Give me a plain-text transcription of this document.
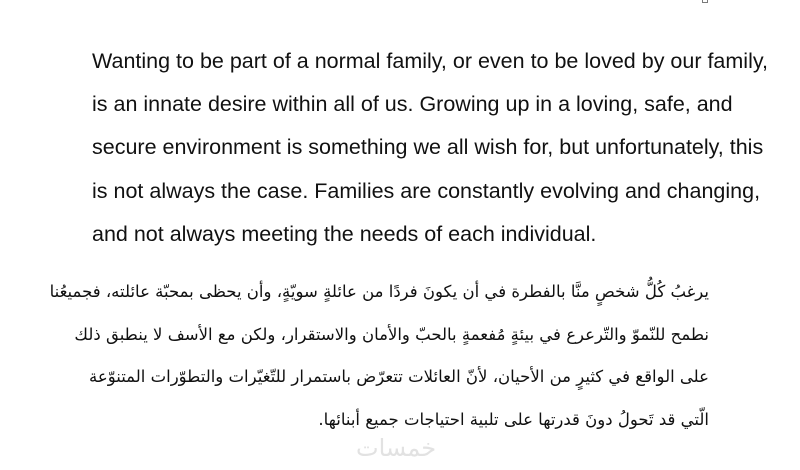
Wanting to be part of a normal family, or even to be loved by our family,
is an innate desire within all of us. Growing up in a loving, safe, and
secure environment is something we all wish for, but unfortunately, this
is not always the case. Families are constantly evolving and changing,
and not always meeting the needs of each individual.

يرغبُ كُلُّ شخصٍ منَّا بالفطرة في أن يكونَ فردًا من عائلةٍ سويّةٍ، وأن يحظى بمحبّة عائلته، فجميعُنا
نطمح للنّموّ والتّرعرع في بيئةٍ مُفعمةٍ بالحبّ والأمان والاستقرار، ولكن مع الأسف لا ينطبق ذلك
على الواقع في كثيرٍ من الأحيان، لأنّ العائلات تتعرّض باستمرار للتّغيّرات والتطوّرات المتنوّعة
الّتي قد تَحولُ دونَ قدرتها على تلبية احتياجات جميع أبنائها.

خمسات
